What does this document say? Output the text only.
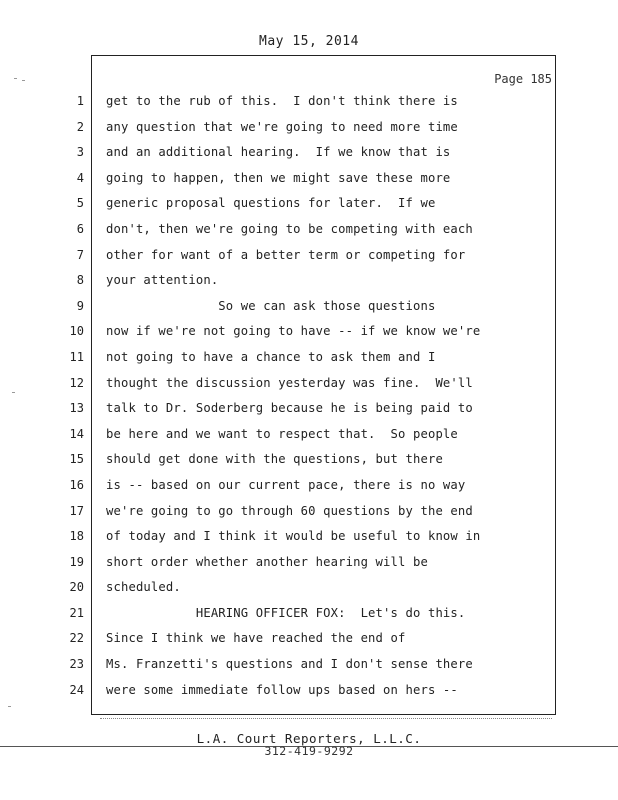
May 15, 2014
Page 185
1
2
3
4
5
6
7
8
9
10
11
12
13
14
15
16
17
18
19
20
21
22
23
24
get to the rub of this.  I don't think there is
any question that we're going to need more time
and an additional hearing.  If we know that is
going to happen, then we might save these more
generic proposal questions for later.  If we
don't, then we're going to be competing with each
other for want of a better term or competing for
your attention.
So we can ask those questions
now if we're not going to have -- if we know we're
not going to have a chance to ask them and I
thought the discussion yesterday was fine.  We'll
talk to Dr. Soderberg because he is being paid to
be here and we want to respect that.  So people
should get done with the questions, but there
is -- based on our current pace, there is no way
we're going to go through 60 questions by the end
of today and I think it would be useful to know in
short order whether another hearing will be
scheduled.
HEARING OFFICER FOX:  Let's do this.
Since I think we have reached the end of
Ms. Franzetti's questions and I don't sense there
were some immediate follow ups based on hers --
L.A. Court Reporters, L.L.C.
312-419-9292
